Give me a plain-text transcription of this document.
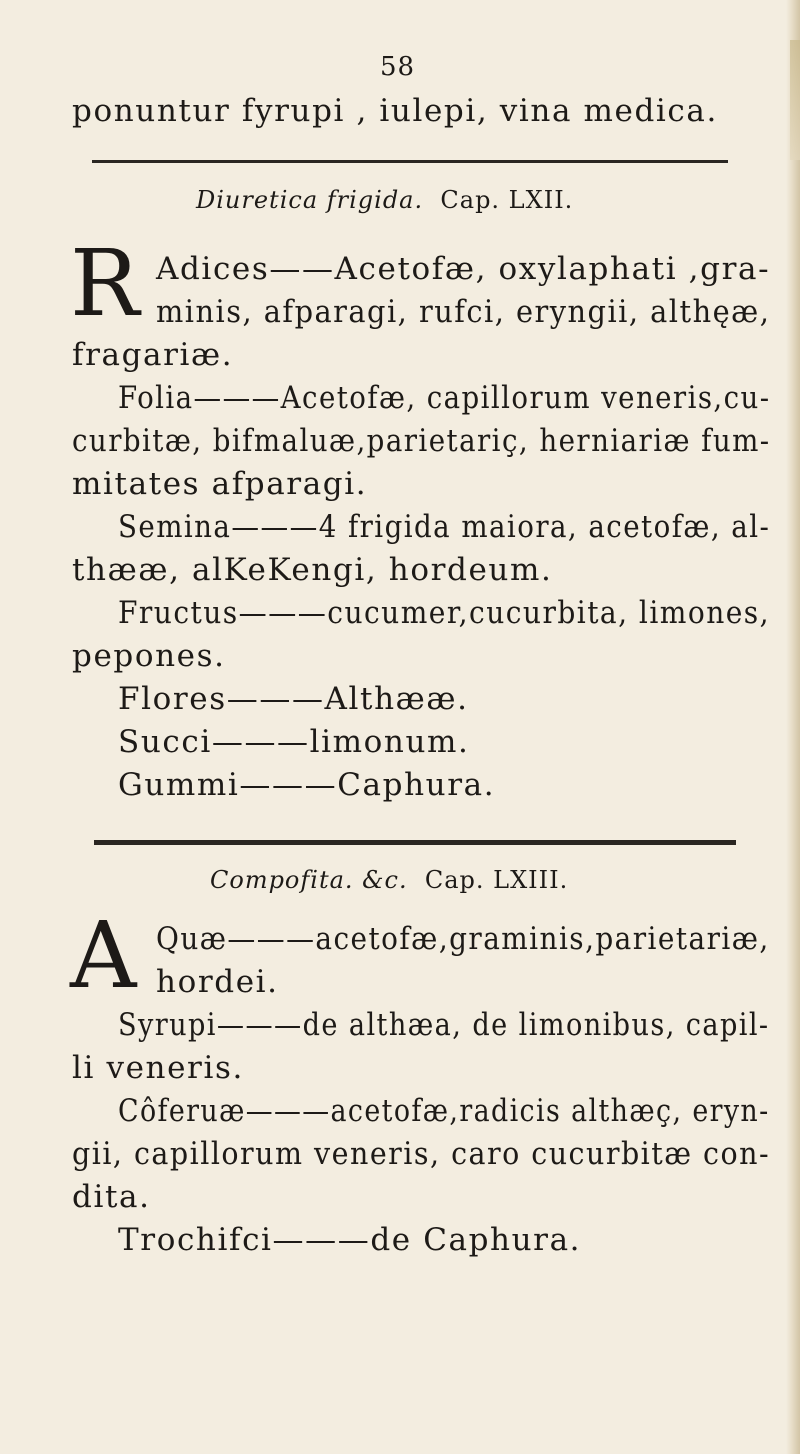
58
ponuntur fyrupi , iulepi, vina medica.
Diuretica frigida. Cap. LXII.
R Adices——Acetofæ, oxylaphati ,gra-
minis, afparagi, rufci, eryngii, althęæ,
fragariæ.
Folia———Acetofæ, capillorum veneris,cu-
curbitæ, bifmaluæ,parietariç, herniariæ fum-
mitates afparagi.
Semina———4 frigida maiora, acetofæ, al-
thææ, alKeKengi, hordeum.
Fructus———cucumer,cucurbita, limones,
pepones.
Flores———Althææ.
Succi———limonum.
Gummi———Caphura.
Compofita. &c. Cap. LXIII.
A Quæ———acetofæ,graminis,parietariæ,
hordei.
Syrupi———de althæa, de limonibus, capil-
li veneris.
Côferuæ———acetofæ,radicis althæç, eryn-
gii, capillorum veneris, caro cucurbitæ con-
dita.
Trochifci———de Caphura.
